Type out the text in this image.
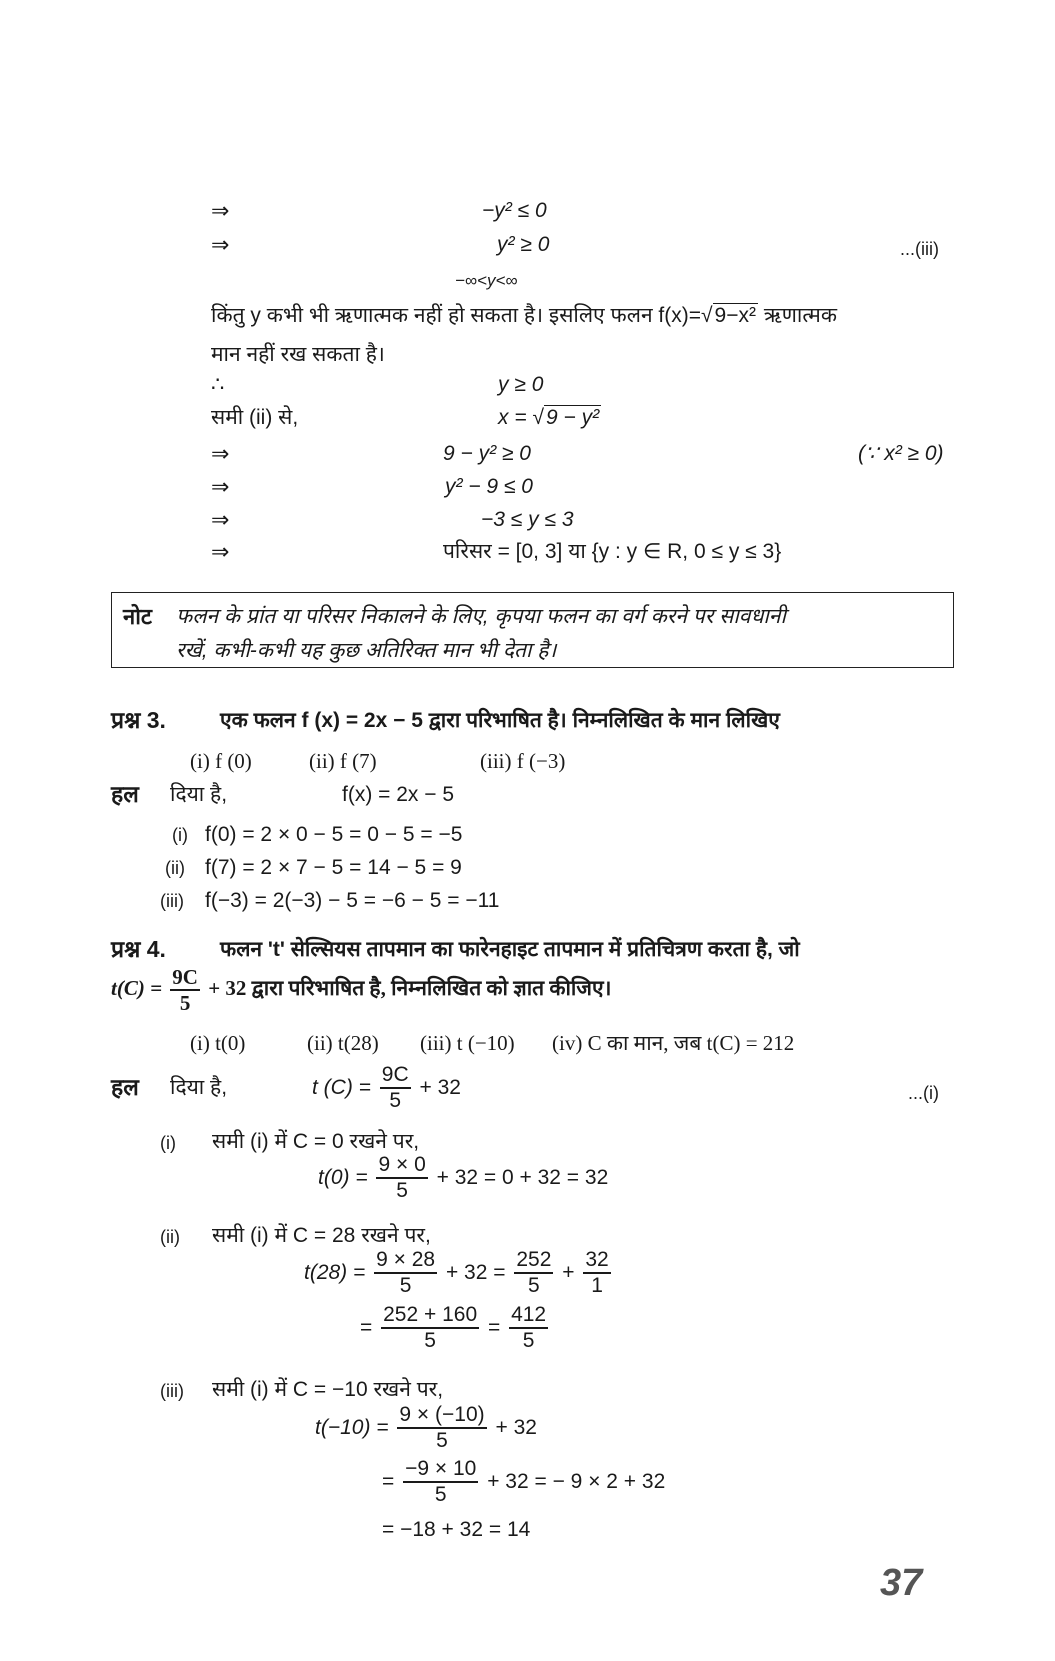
⇒	−y² ≤ 0
⇒	y² ≥ 0	...(iii)
−∞<y<∞
किंतु y कभी भी ऋणात्मक नहीं हो सकता है। इसलिए फलन f(x)=√9−x² ऋणात्मक
मान नहीं रख सकता है।
∴	y ≥ 0
समी (ii) से,	x = √9 − y²
⇒	9 − y² ≥ 0	(∵ x² ≥ 0)
⇒	y² − 9 ≤ 0
⇒	−3 ≤ y ≤ 3
⇒	परिसर = [0, 3] या {y : y ∈ R, 0 ≤ y ≤ 3}
नोट फलन के प्रांत या परिसर निकालने के लिए, कृपया फलन का वर्ग करने पर सावधानी
रखें, कभी-कभी यह कुछ अतिरिक्त मान भी देता है।
प्रश्न 3.	एक फलन f (x) = 2x − 5 द्वारा परिभाषित है। निम्नलिखित के मान लिखिए
(i) f (0)	(ii) f (7)	(iii) f (−3)
हल दिया है,	f(x) = 2x − 5
(i) f(0) = 2 × 0 − 5 = 0 − 5 = −5
(ii) f(7) = 2 × 7 − 5 = 14 − 5 = 9
(iii) f(−3) = 2(−3) − 5 = −6 − 5 = −11
प्रश्न 4.	फलन 't' सेल्सियस तापमान का फारेनहाइट तापमान में प्रतिचित्रण करता है, जो
$t(C) = \frac{9C}{5} + 32$ द्वारा परिभाषित है, निम्नलिखित को ज्ञात कीजिए।
(i) t(0)	(ii) t(28) (iii) t (−10) (iv) C का मान, जब t(C) = 212
हल दिया है,	t $(C) = \frac{9C}{5} + 32$	...(i)
(i) समी (i) में C = 0 रखने पर,
$t(0) = \frac{9 \times 0}{5} + 32 = 0 + 32 = 32$
(ii) समी (i) में C = 28 रखने पर,
$t(28) = \frac{9 \times 28}{5} + 32 = \frac{252}{5} + \frac{32}{1}$
= $\frac{252 + 160}{5} = \frac{412}{5}$
(iii) समी (i) में C = −10 रखने पर,
$t(-10) = \frac{9 \times (-10)}{5} + 32$
= $\frac{-9 \times 10}{5} + 32$ = − 9 × 2 + 32
= −18 + 32 = 14
37
